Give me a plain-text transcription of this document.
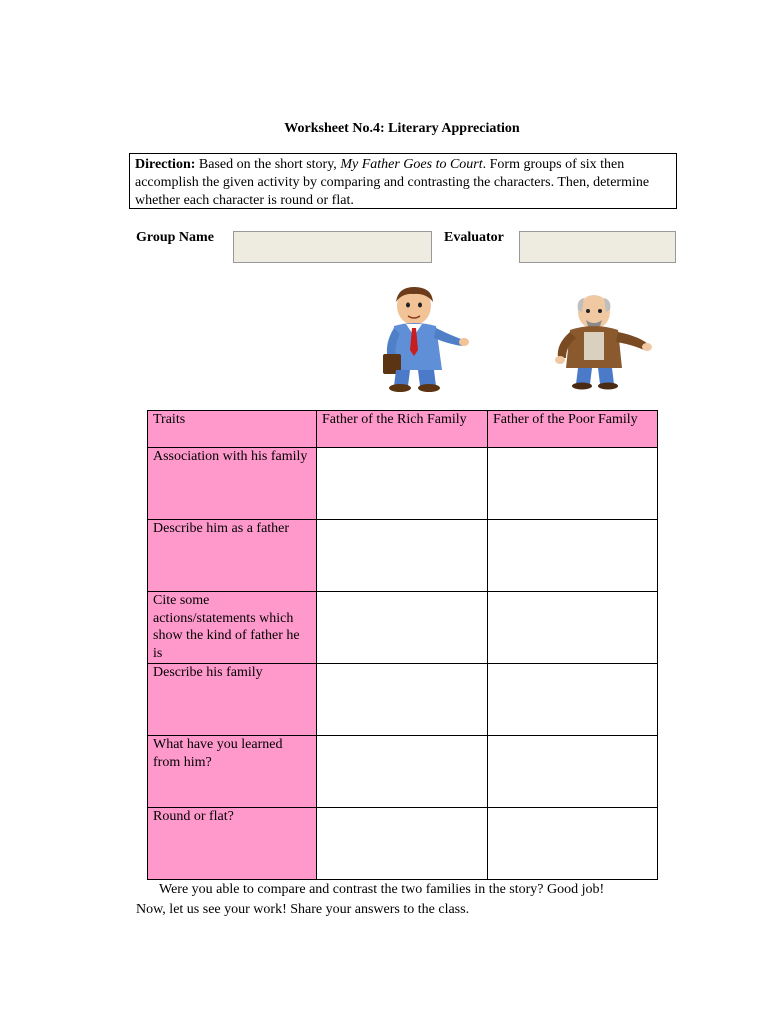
Worksheet No.4: Literary Appreciation
Direction: Based on the short story, My Father Goes to Court. Form groups of six then accomplish the given activity by comparing and contrasting the characters. Then, determine whether each character is round or flat.
Group Name	Evaluator
Traits	Father of the Rich Family	Father of the Poor Family
Association with his family		
Describe him as a father		
Cite some actions/statements which show the kind of father he is		
Describe his family		
What have you learned from him?		
Round or flat?		
Were you able to compare and contrast the two families in the story? Good job!
Now, let us see your work! Share your answers to the class.
